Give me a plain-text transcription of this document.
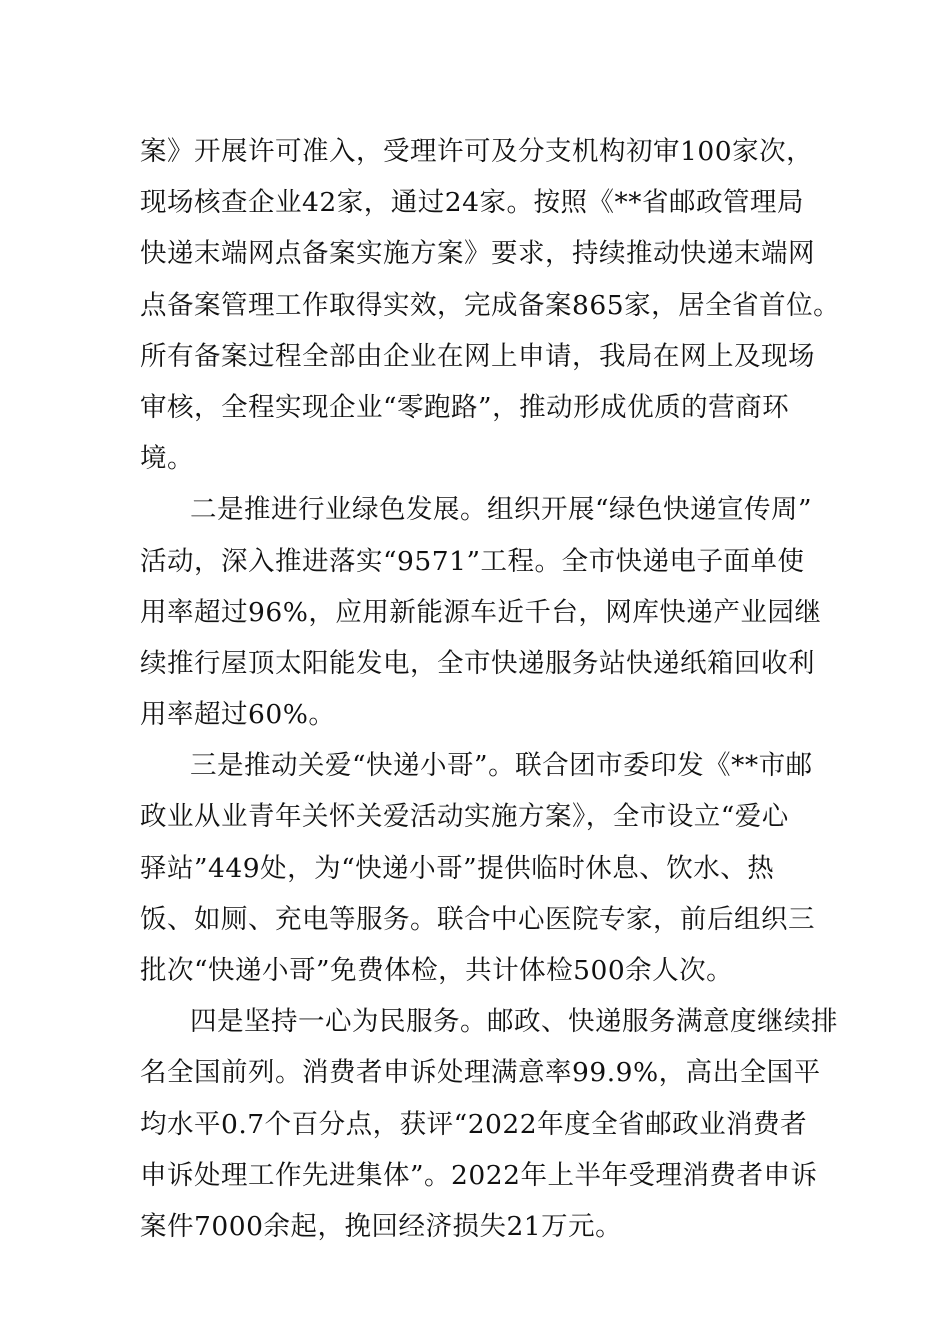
案》开展许可准入，受理许可及分支机构初审100家次，
现场核查企业42家，通过24家。按照《**省邮政管理局
快递末端网点备案实施方案》要求，持续推动快递末端网
点备案管理工作取得实效，完成备案865家，居全省首位。
所有备案过程全部由企业在网上申请，我局在网上及现场
审核，全程实现企业“零跑路”，推动形成优质的营商环
境。
二是推进行业绿色发展。组织开展“绿色快递宣传周”
活动，深入推进落实“9571”工程。全市快递电子面单使
用率超过96%，应用新能源车近千台，网库快递产业园继
续推行屋顶太阳能发电，全市快递服务站快递纸箱回收利
用率超过60%。
三是推动关爱“快递小哥”。联合团市委印发《**市邮
政业从业青年关怀关爱活动实施方案》，全市设立“爱心
驿站”449处，为“快递小哥”提供临时休息、饮水、热
饭、如厕、充电等服务。联合中心医院专家，前后组织三
批次“快递小哥”免费体检，共计体检500余人次。
四是坚持一心为民服务。邮政、快递服务满意度继续排
名全国前列。消费者申诉处理满意率99.9%，高出全国平
均水平0.7个百分点，获评“2022年度全省邮政业消费者
申诉处理工作先进集体”。2022年上半年受理消费者申诉
案件7000余起，挽回经济损失21万元。
